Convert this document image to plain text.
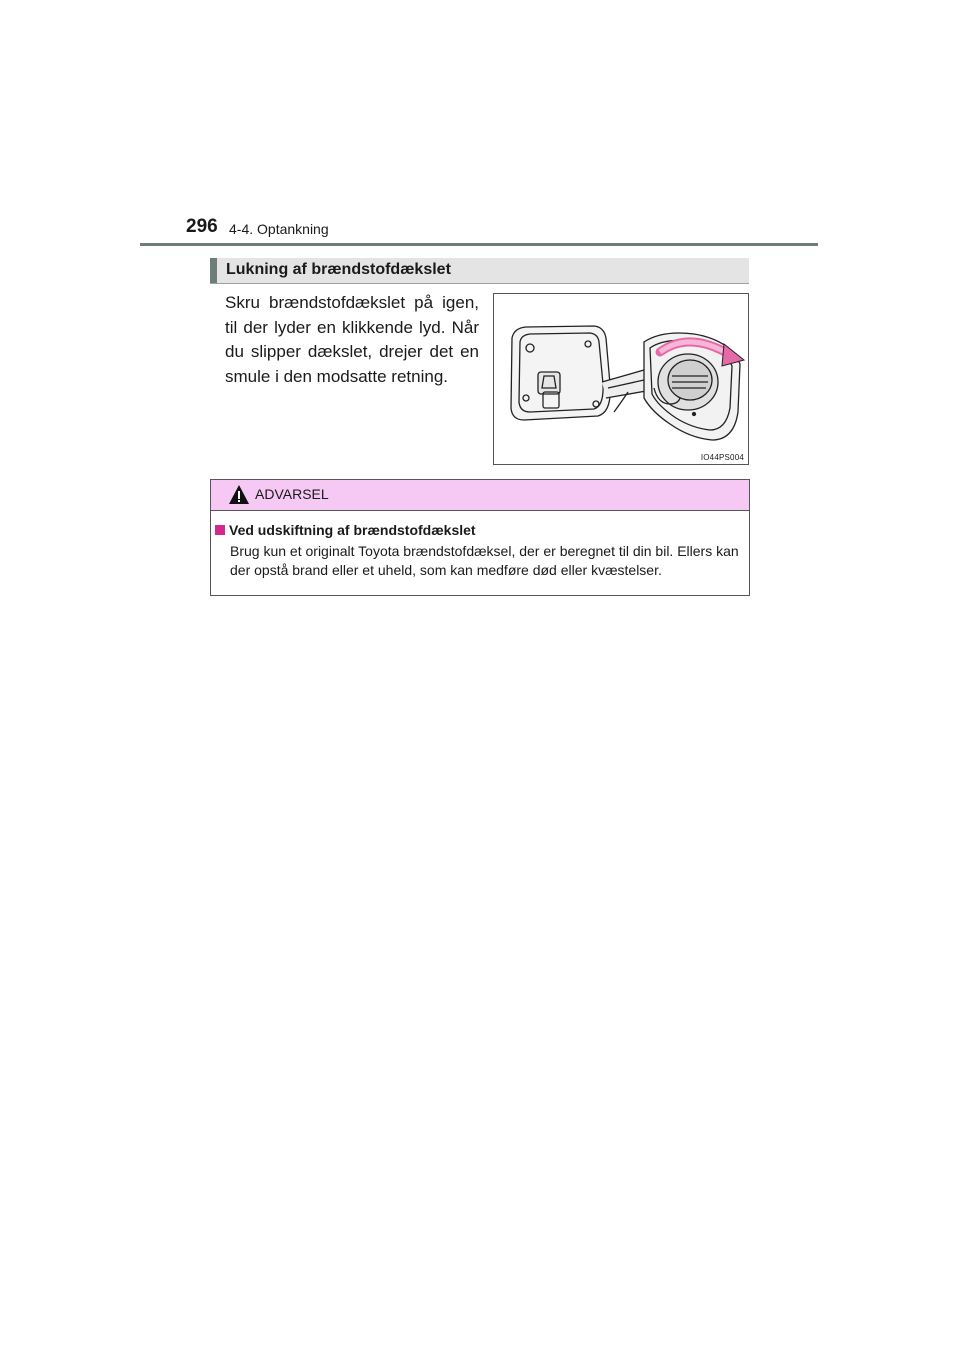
296 4-4. Optankning
Lukning af brændstofdækslet
Skru brændstofdækslet på igen, til der lyder en klikkende lyd. Når du slipper dækslet, drejer det en smule i den modsatte retning.
IO44PS004
ADVARSEL
Ved udskiftning af brændstofdækslet
Brug kun et originalt Toyota brændstofdæksel, der er beregnet til din bil. Ellers kan der opstå brand eller et uheld, som kan medføre død eller kvæstelser.
